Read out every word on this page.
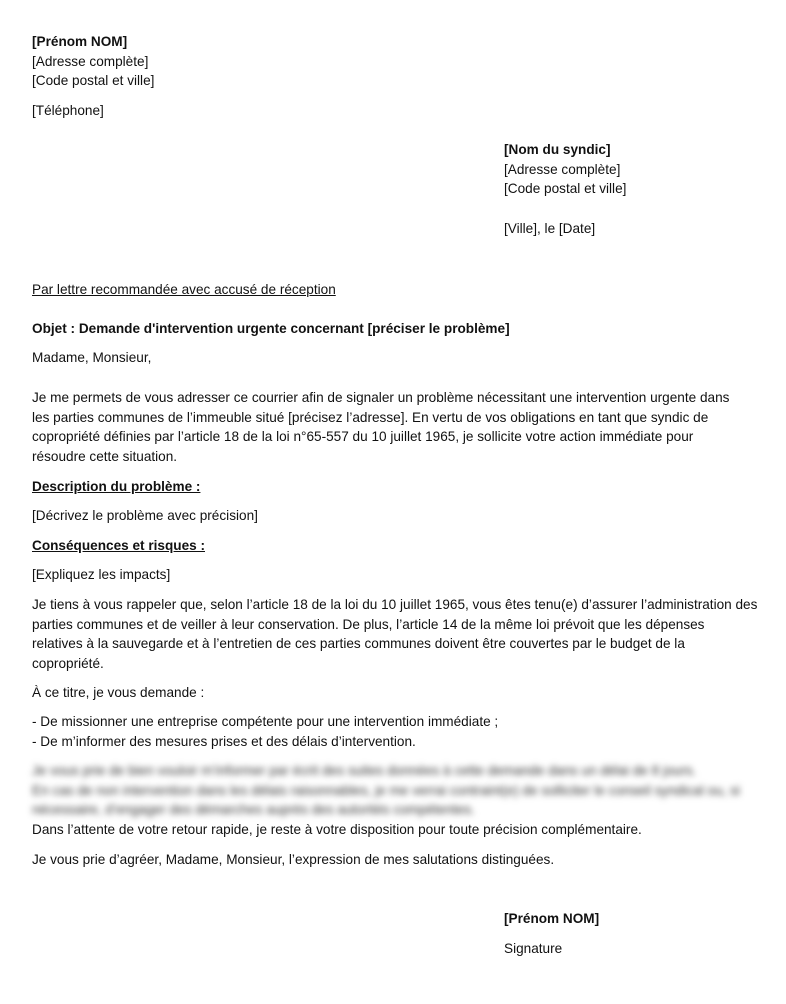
[Prénom NOM]
[Adresse complète]
[Code postal et ville]
[Téléphone]
[Nom du syndic]
[Adresse complète]
[Code postal et ville]
[Ville], le [Date]
Par lettre recommandée avec accusé de réception
Objet : Demande d'intervention urgente concernant [préciser le problème]
Madame, Monsieur,
Je me permets de vous adresser ce courrier afin de signaler un problème nécessitant une intervention urgente dans
les parties communes de l’immeuble situé [précisez l’adresse]. En vertu de vos obligations en tant que syndic de
copropriété définies par l’article 18 de la loi n°65-557 du 10 juillet 1965, je sollicite votre action immédiate pour
résoudre cette situation.
Description du problème :
[Décrivez le problème avec précision]
Conséquences et risques :
[Expliquez les impacts]
Je tiens à vous rappeler que, selon l’article 18 de la loi du 10 juillet 1965, vous êtes tenu(e) d’assurer l’administration des
parties communes et de veiller à leur conservation. De plus, l’article 14 de la même loi prévoit que les dépenses
relatives à la sauvegarde et à l’entretien de ces parties communes doivent être couvertes par le budget de la
copropriété.
À ce titre, je vous demande :
- De missionner une entreprise compétente pour une intervention immédiate ;
- De m’informer des mesures prises et des délais d’intervention.
Je vous prie de bien vouloir m’informer par écrit des suites données à cette demande dans un délai de 8 jours.
En cas de non intervention dans les délais raisonnables, je me verrai contraint(e) de solliciter le conseil syndical ou, si
nécessaire, d’engager des démarches auprès des autorités compétentes.
Dans l’attente de votre retour rapide, je reste à votre disposition pour toute précision complémentaire.
Je vous prie d’agréer, Madame, Monsieur, l’expression de mes salutations distinguées.
[Prénom NOM]
Signature
